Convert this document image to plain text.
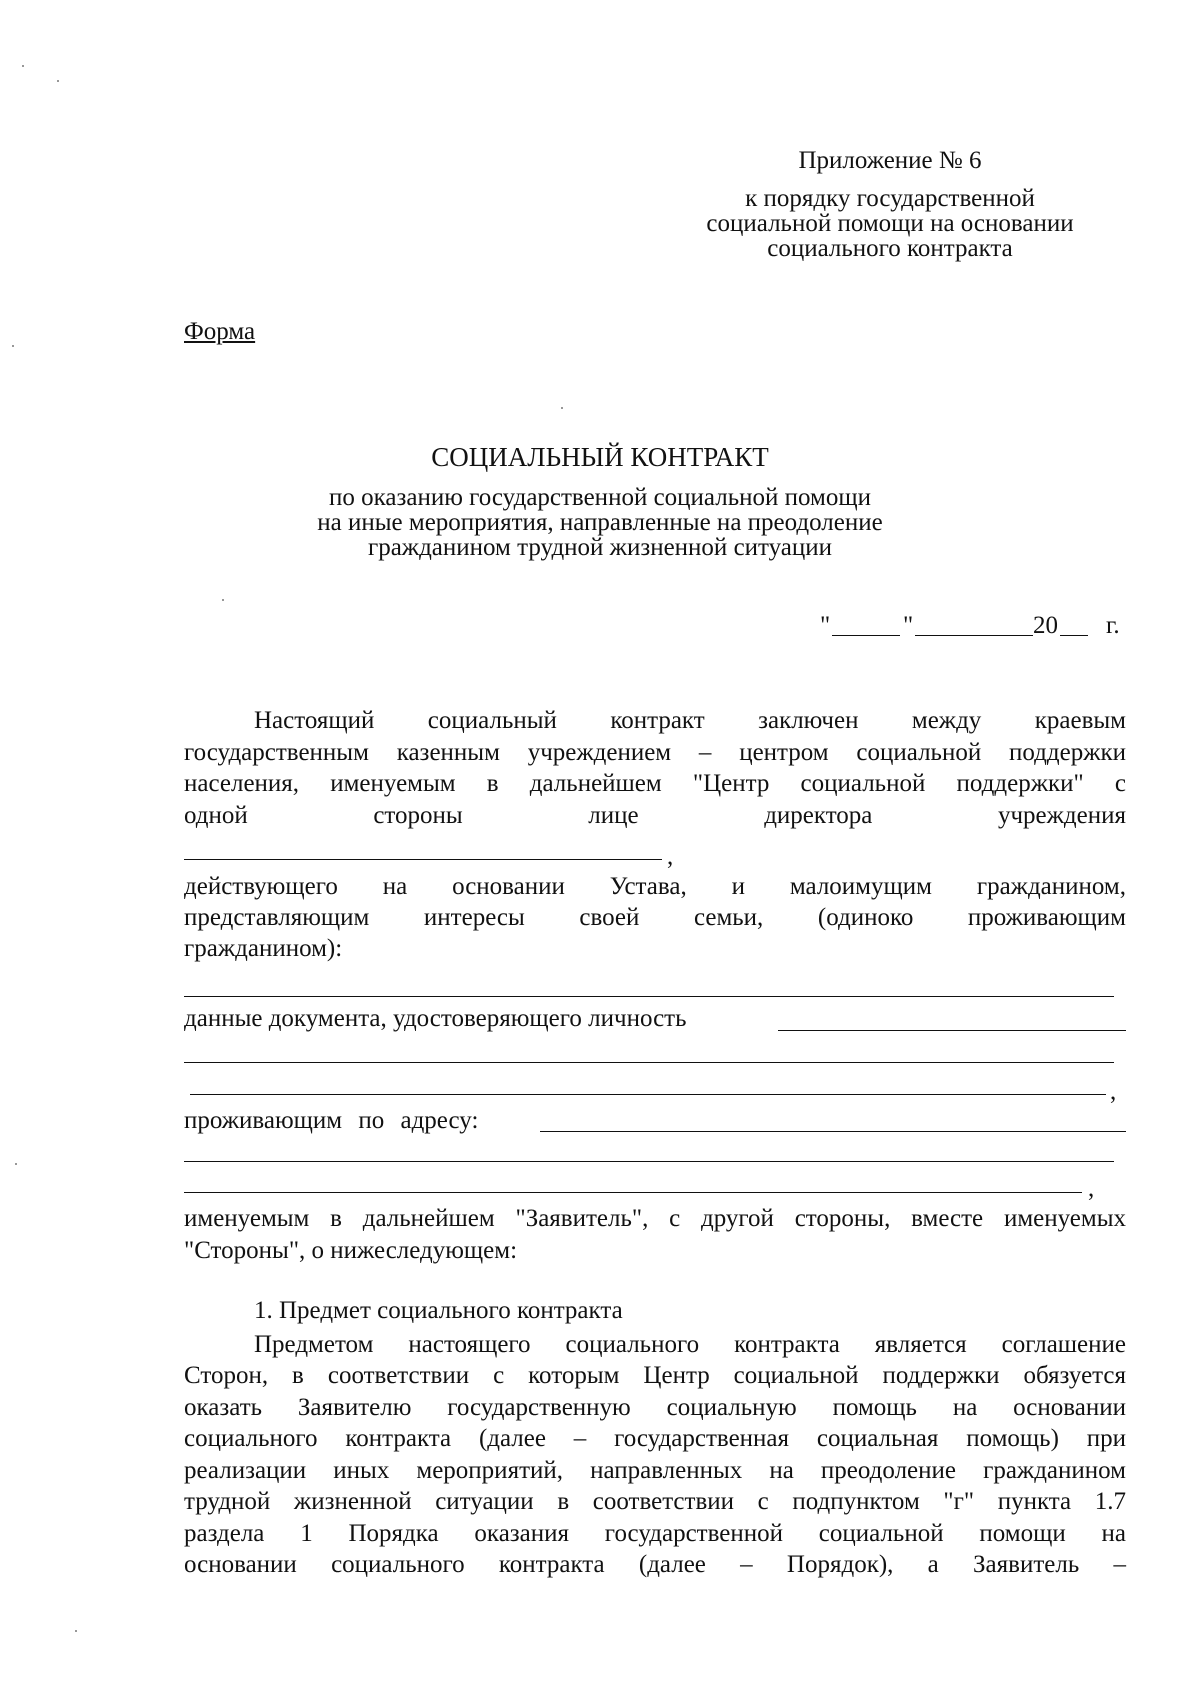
Приложение № 6
к порядку государственной
социальной помощи на основании
социального контракта
Форма
СОЦИАЛЬНЫЙ КОНТРАКТ
по оказанию государственной социальной помощи
на иные мероприятия, направленные на преодоление
гражданином трудной жизненной ситуации
"	"	20 г.
Настоящий социальный контракт заключен между краевым
государственным казенным учреждением – центром социальной поддержки
населения, именуемым в дальнейшем "Центр социальной поддержки" с
одной стороны лице директора учреждения
,
действующего на основании Устава, и малоимущим гражданином,
представляющим интересы своей семьи, (одиноко проживающим
гражданином):
данные документа, удостоверяющего личность
,
проживающим по адресу:
,
именуемым в дальнейшем "Заявитель", с другой стороны, вместе именуемых
"Стороны", о нижеследующем:
1. Предмет социального контракта
Предметом настоящего социального контракта является соглашение
Сторон, в соответствии с которым Центр социальной поддержки обязуется
оказать Заявителю государственную социальную помощь на основании
социального контракта (далее – государственная социальная помощь) при
реализации иных мероприятий, направленных на преодоление гражданином
трудной жизненной ситуации в соответствии с подпунктом "г" пункта 1.7
раздела 1 Порядка оказания государственной социальной помощи на
основании социального контракта (далее – Порядок), а Заявитель –
